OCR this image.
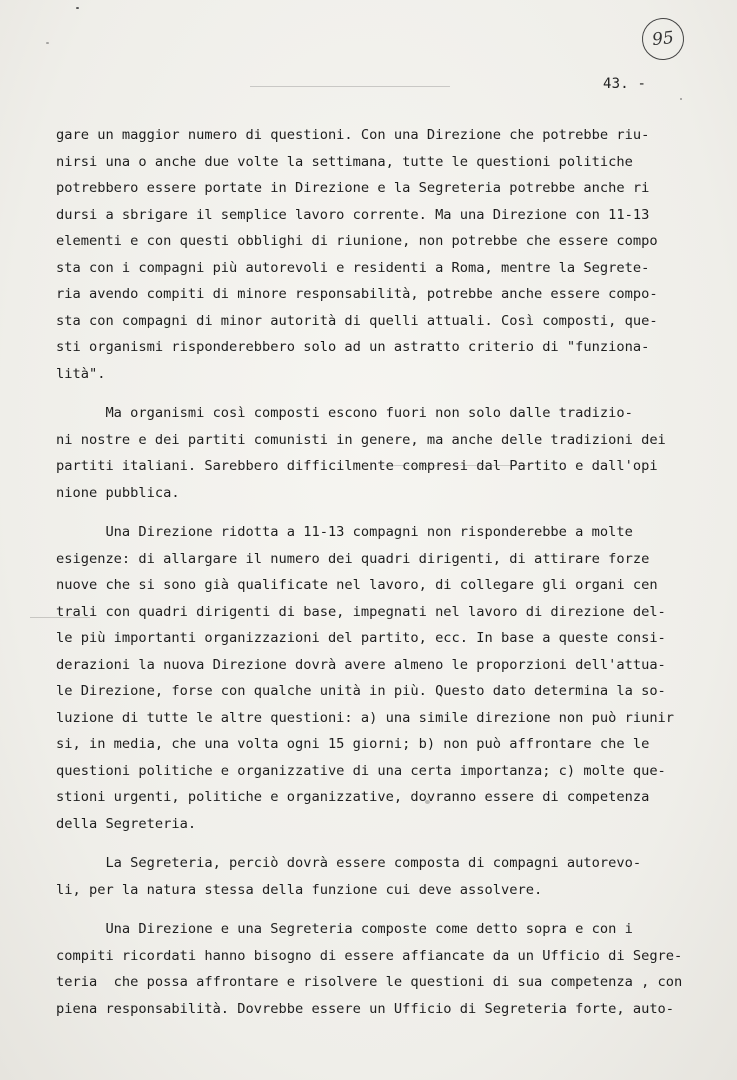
95
43. -
gare un maggior numero di questioni. Con una Direzione che potrebbe riu-
nirsi una o anche due volte la settimana, tutte le questioni politiche
potrebbero essere portate in Direzione e la Segreteria potrebbe anche ri
dursi a sbrigare il semplice lavoro corrente. Ma una Direzione con 11-13
elementi e con questi obblighi di riunione, non potrebbe che essere compo
sta con i compagni più autorevoli e residenti a Roma, mentre la Segrete-
ria avendo compiti di minore responsabilità, potrebbe anche essere compo-
sta con compagni di minor autorità di quelli attuali. Così composti, que-
sti organismi risponderebbero solo ad un astratto criterio di "funziona-
lità".
Ma organismi così composti escono fuori non solo dalle tradizio-
ni nostre e dei partiti comunisti in genere, ma anche delle tradizioni dei
partiti italiani. Sarebbero difficilmente compresi dal Partito e dall'opi
nione pubblica.
Una Direzione ridotta a 11-13 compagni non risponderebbe a molte
esigenze: di allargare il numero dei quadri dirigenti, di attirare forze
nuove che si sono già qualificate nel lavoro, di collegare gli organi cen
trali con quadri dirigenti di base, impegnati nel lavoro di direzione del-
le più importanti organizzazioni del partito, ecc. In base a queste consi-
derazioni la nuova Direzione dovrà avere almeno le proporzioni dell'attua-
le Direzione, forse con qualche unità in più. Questo dato determina la so-
luzione di tutte le altre questioni: a) una simile direzione non può riunir
si, in media, che una volta ogni 15 giorni; b) non può affrontare che le
questioni politiche e organizzative di una certa importanza; c) molte que-
stioni urgenti, politiche e organizzative, dovranno essere di competenza
della Segreteria.
La Segreteria, perciò dovrà essere composta di compagni autorevo-
li, per la natura stessa della funzione cui deve assolvere.
Una Direzione e una Segreteria composte come detto sopra e con i
compiti ricordati hanno bisogno di essere affiancate da un Ufficio di Segre-
teria  che possa affrontare e risolvere le questioni di sua competenza , con
piena responsabilità. Dovrebbe essere un Ufficio di Segreteria forte, auto-
